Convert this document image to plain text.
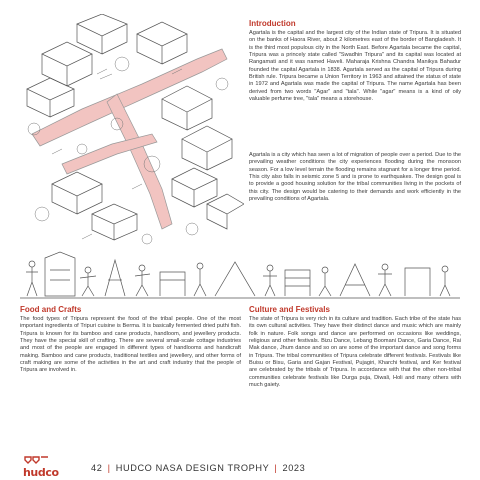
Introduction

Agartala is the capital and the largest city of the Indian state of Tripura. It is situated on the banks of Haora River, about 2 kilometres east of the border of Bangladesh. It is the third most populous city in the North East. Before Agartala became the capital, Tripura was a princely state called "Swadhin Tripura" and its capital was located at Rangamati and it was named Haveli. Maharaja Krishna Chandra Manikya Bahadur founded the capital Agartala in 1838. Agartala served as the capital of Tripura during British rule. Tripura became a Union Territory in 1963 and attained the status of state in 1972 and Agartala was made the capital of Tripura. The name Agartala has been derived from two words "Agar" and "tala". While "agar" means is a kind of oily valuable perfume tree, "tala" means a storehouse.

Agartala is a city which has seen a lot of migration of people over a period. Due to the prevailing weather conditions the city experiences flooding during the monsoon season. For a low level terrain the flooding remains stagnant for a longer time period. This city also falls in seismic zone 5 and is prone to earthquakes. The design goal is to provide a good housing solution for the tribal communities living in the pockets of this city. The design would be catering to their demands and work efficiently in the prevailing conditions of Agartala.

Food and Crafts

The food types of Tripura represent the food of the tribal people. One of the most important ingredients of Tripuri cuisine is Berma. It is basically fermented dried puthi fish. Tripura is known for its bamboo and cane products, handloom, and jewellery products. They have the special skill of crafting. There are several small-scale cottage industries and most of the people are engaged in different types of handlooms and handicraft making. Bamboo and cane products, traditional textiles and jewellery, and other forms of craft making are some of the activities in the art and craft industry that the people of Tripura are involved in.

Culture and Festivals

The state of Tripura is very rich in its culture and tradition. Each tribe of the state has its own cultural activities. They have their distinct dance and music which are mainly folk in nature. Folk songs and dance are performed on occasions like weddings, religious and other festivals. Bizu Dance, Lebang Boomani Dance, Garia Dance, Rai Mak dance, Jhum dance and so on are some of the important dance and song forms in Tripura. The tribal communities of Tripura celebrate different festivals. Festivals like Buisu or Bisu, Garia and Gajan Festival, Pujagiri, Kharchi festival, and Ker festival are celebrated by the tribals of Tripura. In accordance with that the other non-tribal communities celebrate festivals like Durga puja, Diwali, Holi and many others with much gaiety.

hudco	42 | HUDCO NASA DESIGN TROPHY | 2023
